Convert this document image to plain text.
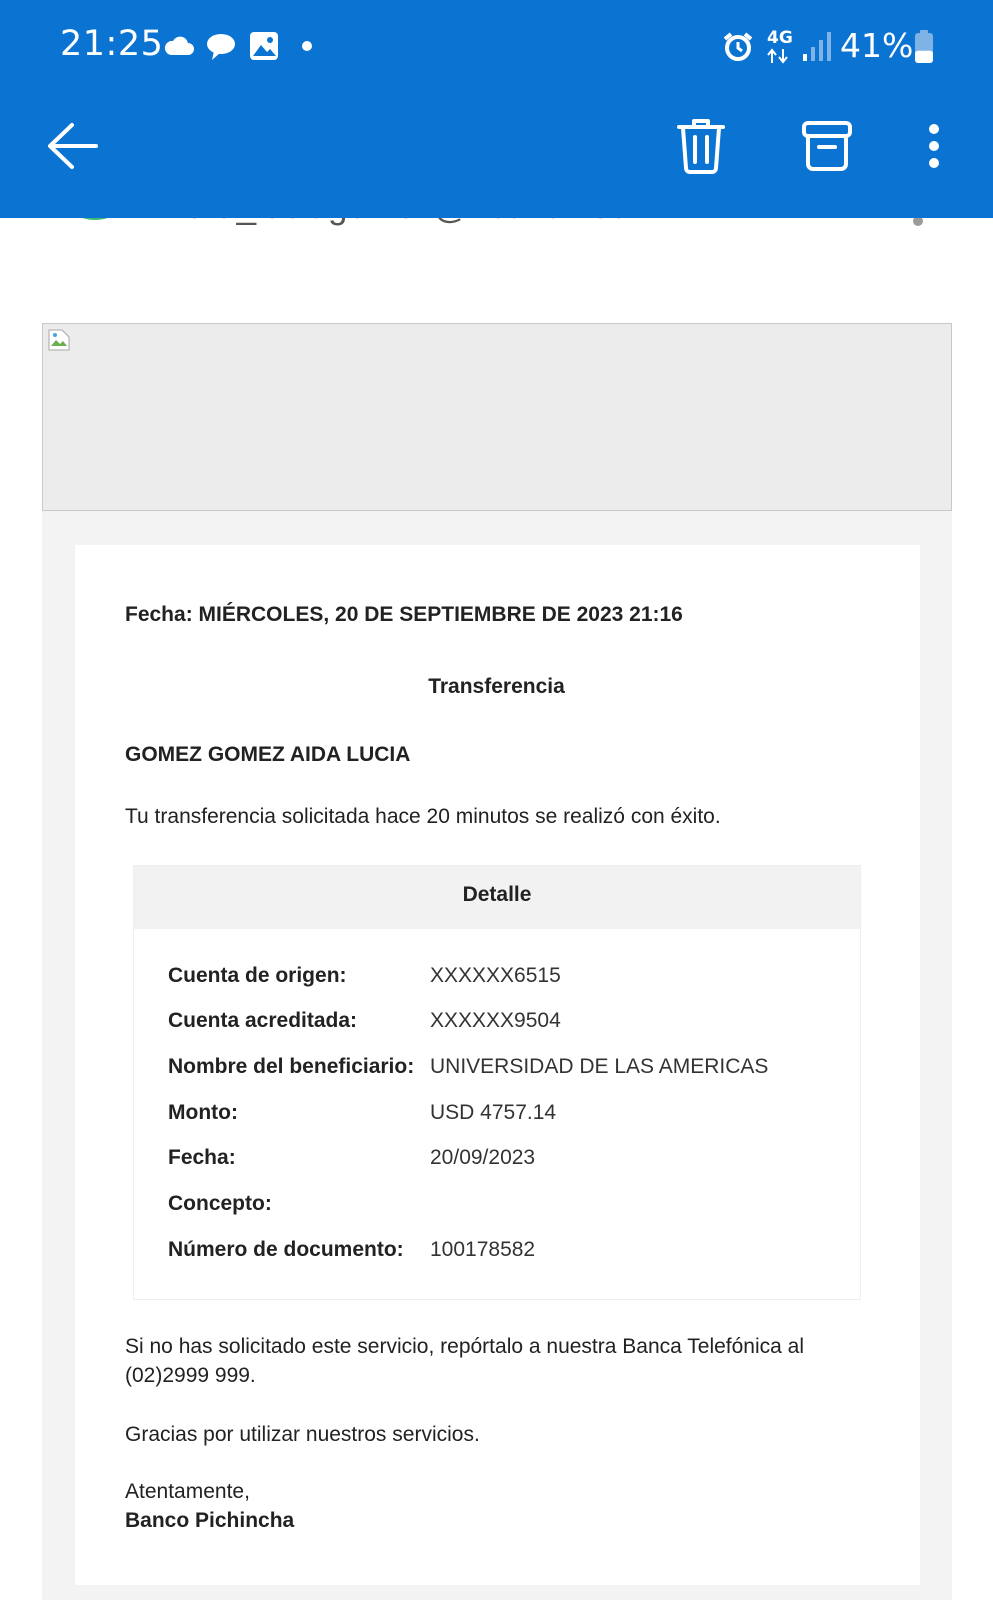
21:25	4G 41%
Fecha: MIÉRCOLES, 20 DE SEPTIEMBRE DE 2023 21:16
Transferencia
GOMEZ GOMEZ AIDA LUCIA
Tu transferencia solicitada hace 20 minutos se realizó con éxito.
Detalle
Cuenta de origen:	XXXXXX6515
Cuenta acreditada:	XXXXXX9504
Nombre del beneficiario: UNIVERSIDAD DE LAS AMERICAS
Monto:	USD 4757.14
Fecha:	20/09/2023
Concepto:
Número de documento: 100178582
Si no has solicitado este servicio, repórtalo a nuestra Banca Telefónica al
(02)2999 999.
Gracias por utilizar nuestros servicios.
Atentamente,
Banco Pichincha
